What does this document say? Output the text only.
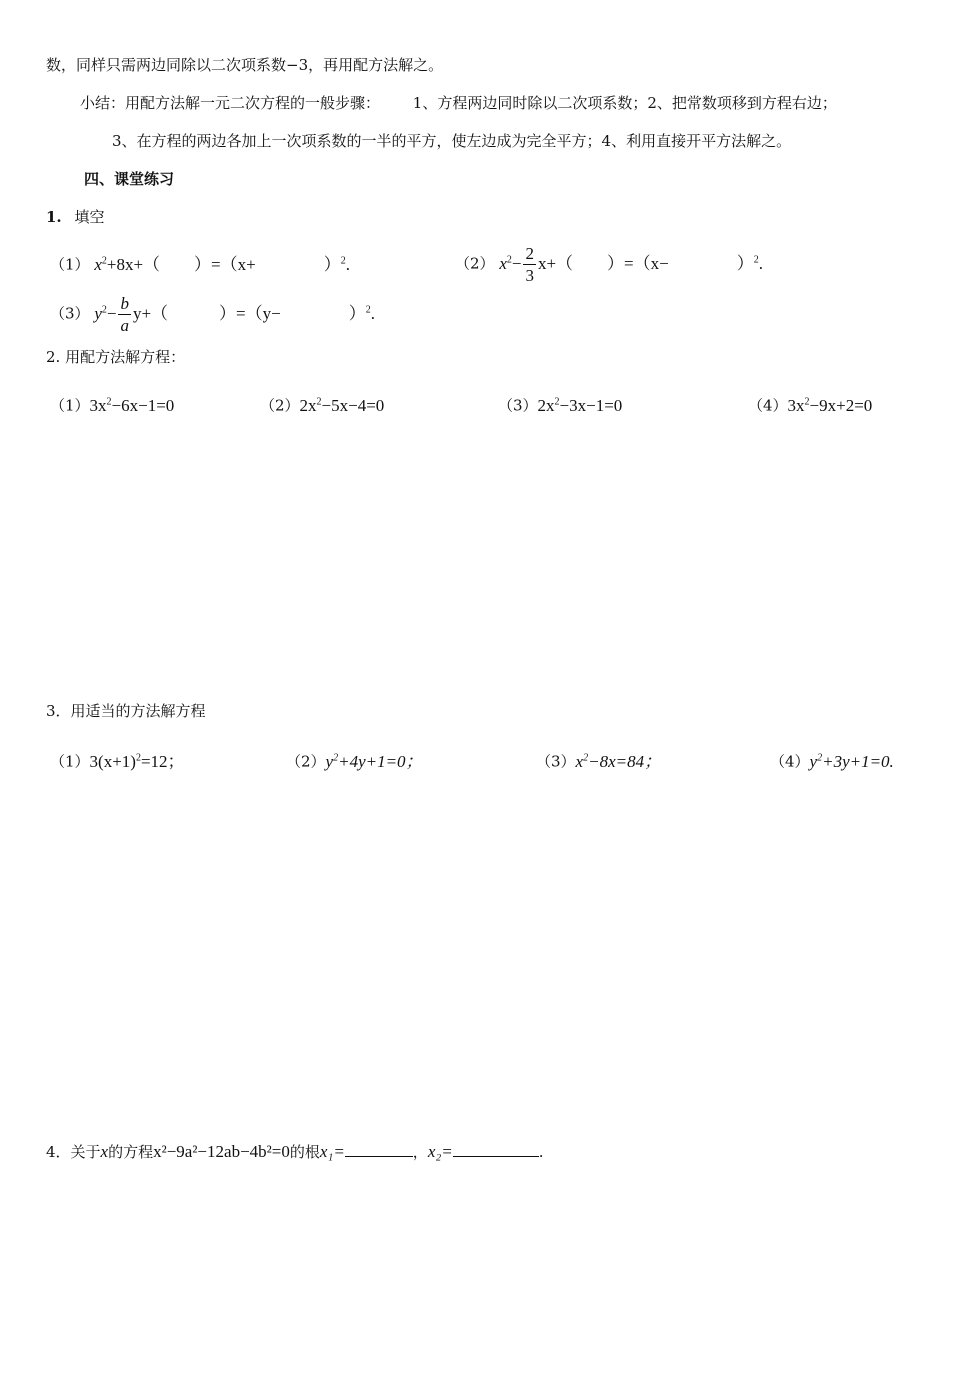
数，同样只需两边同除以二次项系数−3，再用配方法解之。
小结：用配方法解一元二次方程的一般步骤： 1、方程两边同时除以二次项系数；2、把常数项移到方程右边；
3、在方程的两边各加上一次项系数的一半的平方，使左边成为完全平方；4、利用直接开平方法解之。
四、课堂练习
1. 填空
（1） $x^2+8x+$（　　）=（x+　　　　）$^2$.	（2） $x^2- \frac{2}{3} x+$（　　）=（x−　　　　）$^2$.
（3） $y^2- \frac{b}{a} y+$（　　　）=（y−　　　　）$^2$.
2. 用配方法解方程：
$(1)3x^2-6x-1=0$	$(2)2x^2-5x-4=0$	$(3)2x^2-3x-1=0$	$(4)3x^2-9x+2=0$
3．用适当的方法解方程
$(1)3(x+1)^2=12$；	$(2)y^2+4y+1=0$；	$(3)x^2-8x=84$；	$(4)y^2+3y+1=0$.
4．关于x的方程x²−9a²−12ab−4b²=0的根x₁=	，x₂=	.
